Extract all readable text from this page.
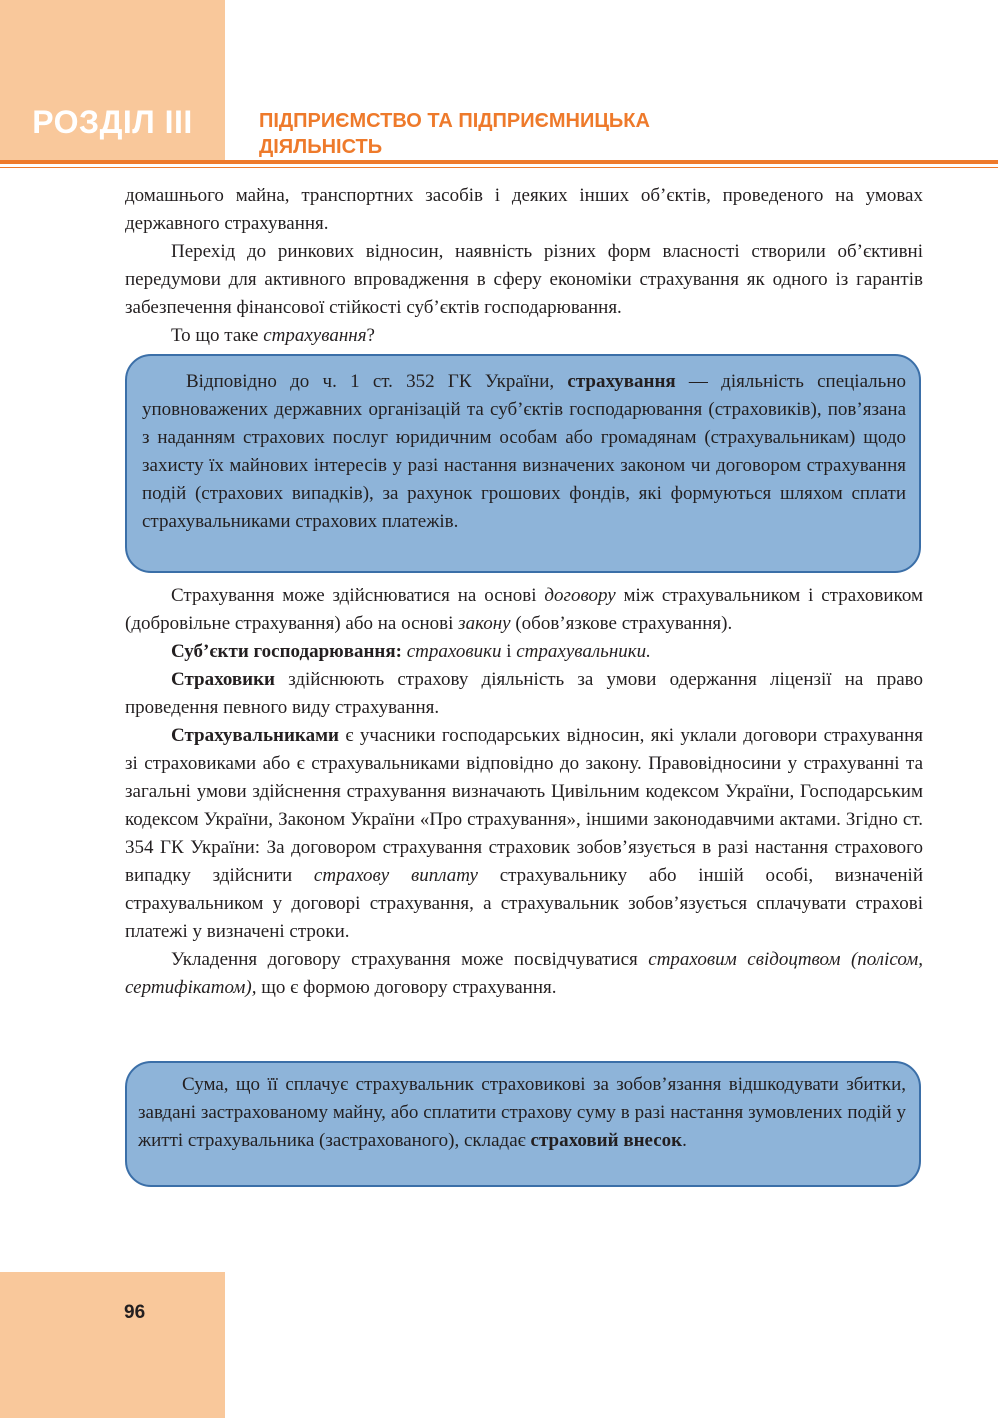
РОЗДІЛ ІІІ	ПІДПРИЄМСТВО ТА ПІДПРИЄМНИЦЬКА
ДІЯЛЬНІСТЬ

домашнього майна, транспортних засобів і деяких інших об’єктів, проведеного на умовах державного страхування.

Перехід до ринкових відносин, наявність різних форм власності створили об’єктивні передумови для активного впровадження в сферу економіки страхування як одного із гарантів забезпечення фінансової стійкості суб’єктів господарювання.

То що таке страхування?

Відповідно до ч. 1 ст. 352 ГК України, страхування — діяльність спеціально уповноважених державних організацій та суб’єктів господарювання (страховиків), пов’язана з наданням страхових послуг юридичним особам або громадянам (страхувальникам) щодо захисту їх майнових інтересів у разі настання визначених законом чи договором страхування подій (страхових випадків), за рахунок грошових фондів, які формуються шляхом сплати страхувальниками страхових платежів.

Страхування може здійснюватися на основі договору між страхувальником і страховиком (добровільне страхування) або на основі закону (обов’язкове страхування).

Суб’єкти господарювання: страховики і страхувальники.

Страховики здійснюють страхову діяльність за умови одержання ліцензії на право проведення певного виду страхування.

Страхувальниками є учасники господарських відносин, які уклали договори страхування зі страховиками або є страхувальниками відповідно до закону. Правовідносини у страхуванні та загальні умови здійснення страхування визначають Цивільним кодексом України, Господарським кодексом України, Законом України «Про страхування», іншими законодавчими актами. Згідно ст. 354 ГК України: За договором страхування страховик зобов’язується в разі настання страхового випадку здійснити страхову виплату страхувальнику або іншій особі, визначеній страхувальником у договорі страхування, а страхувальник зобов’язується сплачувати страхові платежі у визначені строки.

Укладення договору страхування може посвідчуватися страховим свідоцтвом (полісом, сертифікатом), що є формою договору страхування.

Сума, що її сплачує страхувальник страховикові за зобов’язання відшкодувати збитки, завдані застрахованому майну, або сплатити страхову суму в разі настання зумовлених подій у житті страхувальника (застрахованого), складає страховий внесок.

96
